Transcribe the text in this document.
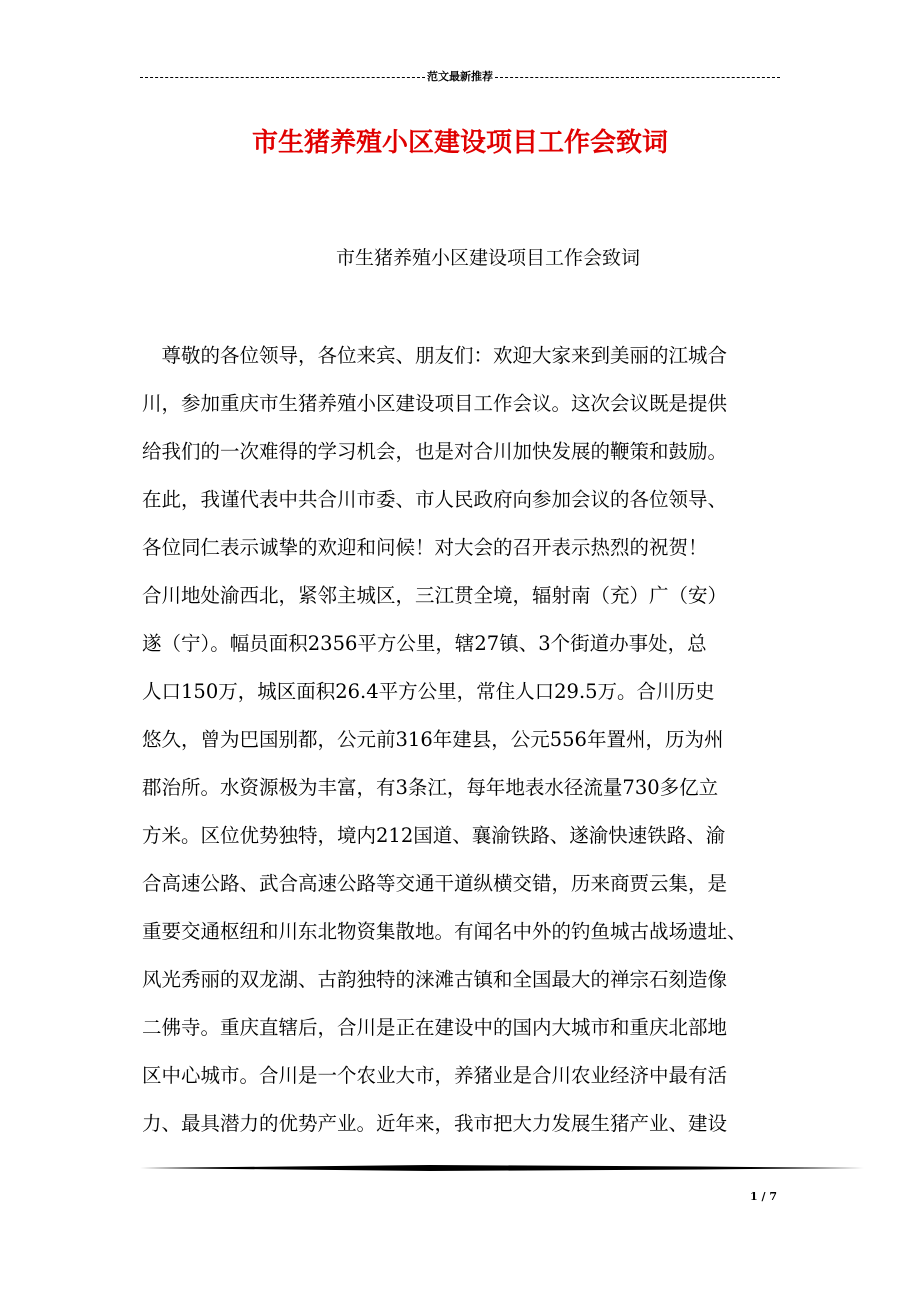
范文最新推荐
市生猪养殖小区建设项目工作会致词
市生猪养殖小区建设项目工作会致词
　尊敬的各位领导，各位来宾、朋友们：欢迎大家来到美丽的江城合
川，参加重庆市生猪养殖小区建设项目工作会议。这次会议既是提供
给我们的一次难得的学习机会，也是对合川加快发展的鞭策和鼓励。
在此，我谨代表中共合川市委、市人民政府向参加会议的各位领导、
各位同仁表示诚挚的欢迎和问候！对大会的召开表示热烈的祝贺！
合川地处渝西北，紧邻主城区，三江贯全境，辐射南（充）广（安）
遂（宁）。幅员面积2356平方公里，辖27镇、3个街道办事处，总
人口150万，城区面积26.4平方公里，常住人口29.5万。合川历史
悠久，曾为巴国别都，公元前316年建县，公元556年置州，历为州
郡治所。水资源极为丰富，有3条江，每年地表水径流量730多亿立
方米。区位优势独特，境内212国道、襄渝铁路、遂渝快速铁路、渝
合高速公路、武合高速公路等交通干道纵横交错，历来商贾云集，是
重要交通枢纽和川东北物资集散地。有闻名中外的钓鱼城古战场遗址、
风光秀丽的双龙湖、古韵独特的涞滩古镇和全国最大的禅宗石刻造像
二佛寺。重庆直辖后，合川是正在建设中的国内大城市和重庆北部地
区中心城市。合川是一个农业大市，养猪业是合川农业经济中最有活
力、最具潜力的优势产业。近年来，我市把大力发展生猪产业、建设
1 / 7
